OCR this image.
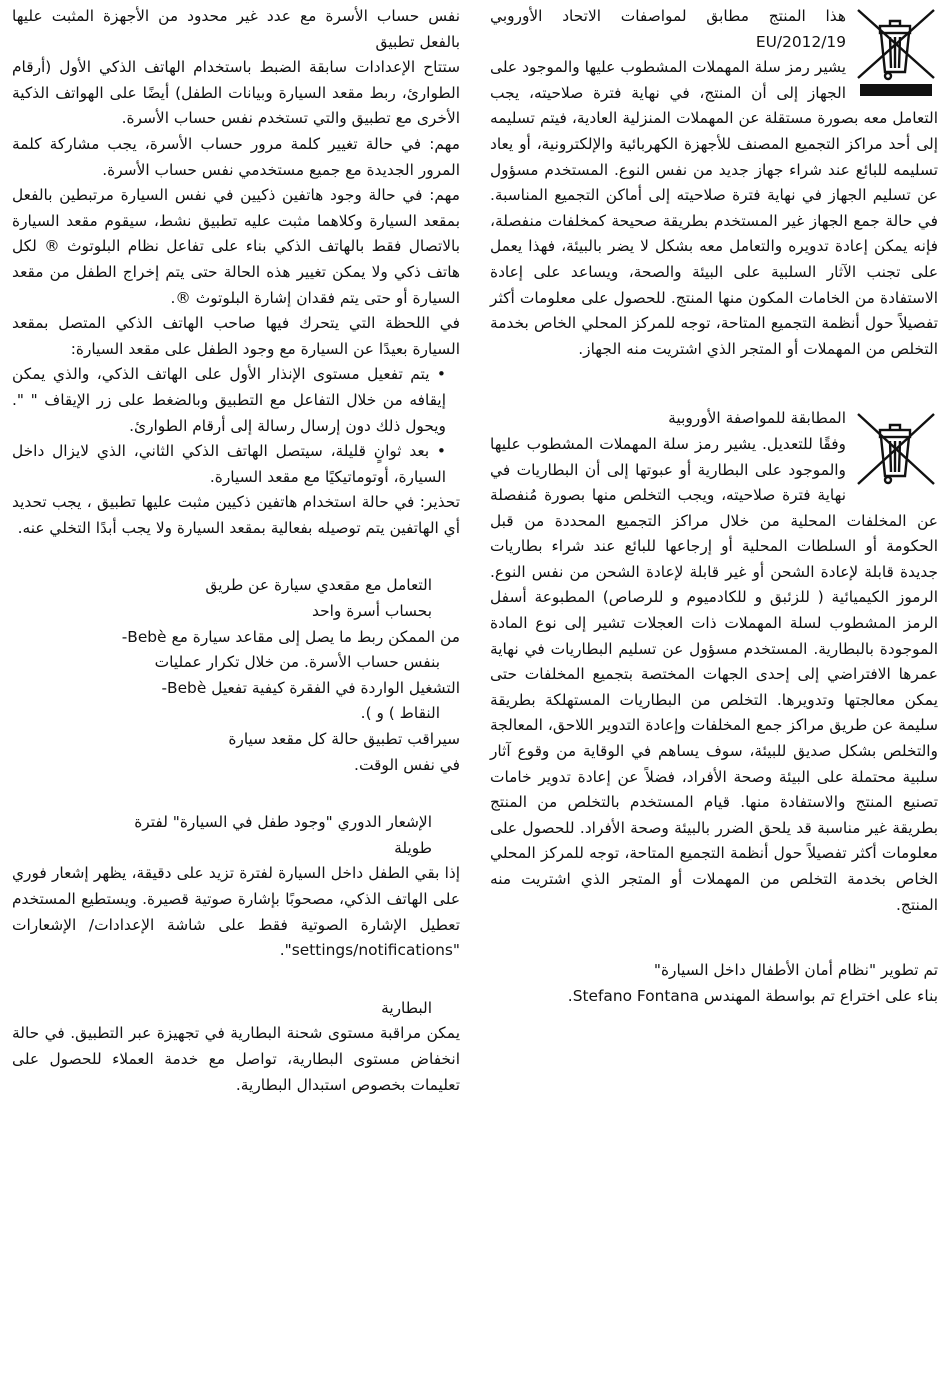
هذا المنتج مطابق لمواصفات الاتحاد الأوروبي 2012/19/EU

يشير رمز سلة المهملات المشطوب عليها والموجود على الجهاز إلى أن المنتج، في نهاية فترة صلاحيته، يجب التعامل معه بصورة مستقلة عن المهملات المنزلية العادية، فيتم تسليمه إلى أحد مراكز التجميع المصنف للأجهزة الكهربائية والإلكترونية، أو يعاد تسليمه للبائع عند شراء جهاز جديد من نفس النوع. المستخدم مسؤول عن تسليم الجهاز في نهاية فترة صلاحيته إلى أماكن التجميع المناسبة. في حالة جمع الجهاز غير المستخدم بطريقة صحيحة كمخلفات منفصلة، فإنه يمكن إعادة تدويره والتعامل معه بشكل لا يضر بالبيئة، فهذا يعمل على تجنب الآثار السلبية على البيئة والصحة، ويساعد على إعادة الاستفادة من الخامات المكون منها المنتج. للحصول على معلومات أكثر تفصيلاً حول أنظمة التجميع المتاحة، توجه للمركز المحلي الخاص بخدمة التخلص من المهملات أو المتجر الذي اشتريت منه الجهاز.

المطابقة للمواصفة الأوروبية

وفقًا للتعديل. يشير رمز سلة المهملات المشطوب عليها والموجود على البطارية أو عبوتها إلى أن البطاريات في نهاية فترة صلاحيته، ويجب التخلص منها بصورة مُنفصلة عن المخلفات المحلية من خلال مراكز التجميع المحددة من قبل الحكومة أو السلطات المحلية أو إرجاعها للبائع عند شراء بطاريات جديدة قابلة لإعادة الشحن أو غير قابلة لإعادة الشحن من نفس النوع. الرموز الكيميائية ( للزئبق و للكادميوم و للرصاص) المطبوعة أسفل الرمز المشطوب لسلة المهملات ذات العجلات تشير إلى نوع المادة الموجودة بالبطارية. المستخدم مسؤول عن تسليم البطاريات في نهاية عمرها الافتراضي إلى إحدى الجهات المختصة بتجميع المخلفات حتى يمكن معالجتها وتدويرها. التخلص من البطاريات المستهلكة بطريقة سليمة عن طريق مراكز جمع المخلفات وإعادة التدوير اللاحق، المعالجة والتخلص بشكل صديق للبيئة، سوف يساهم في الوقاية من وقوع آثار سلبية محتملة على البيئة وصحة الأفراد، فضلاً عن إعادة تدوير خامات تصنيع المنتج والاستفادة منها. قيام المستخدم بالتخلص من المنتج بطريقة غير مناسبة قد يلحق الضرر بالبيئة وصحة الأفراد. للحصول على معلومات أكثر تفصيلاً حول أنظمة التجميع المتاحة، توجه للمركز المحلي الخاص بخدمة التخلص من المهملات أو المتجر الذي اشتريت منه المنتج.

تم تطوير "نظام أمان الأطفال داخل السيارة"

بناء على اختراع تم بواسطة المهندس Stefano Fontana.

نفس حساب الأسرة مع عدد غير محدود من الأجهزة المثبت عليها بالفعل تطبيق

ستتاح الإعدادات سابقة الضبط باستخدام الهاتف الذكي الأول (أرقام الطوارئ، ربط مقعد السيارة وبيانات الطفل) أيضًا على الهواتف الذكية الأخرى مع تطبيق والتي تستخدم نفس حساب الأسرة.

مهم: في حالة تغيير كلمة مرور حساب الأسرة، يجب مشاركة كلمة المرور الجديدة مع جميع مستخدمي نفس حساب الأسرة.

مهم: في حالة وجود هاتفين ذكيين في نفس السيارة مرتبطين بالفعل بمقعد السيارة وكلاهما مثبت عليه تطبيق نشط، سيقوم مقعد السيارة بالاتصال فقط بالهاتف الذكي بناء على تفاعل نظام البلوتوث ® لكل هاتف ذكي ولا يمكن تغيير هذه الحالة حتى يتم إخراج الطفل من مقعد السيارة أو حتى يتم فقدان إشارة البلوتوث ®.

في اللحظة التي يتحرك فيها صاحب الهاتف الذكي المتصل بمقعد السيارة بعيدًا عن السيارة مع وجود الطفل على مقعد السيارة:

• يتم تفعيل مستوى الإنذار الأول على الهاتف الذكي، والذي يمكن إيقافه من خلال التفاعل مع التطبيق وبالضغط على زر الإيقاف " ". ويحول ذلك دون إرسال رسالة إلى أرقام الطوارئ.

• بعد ثوانٍ قليلة، سيتصل الهاتف الذكي الثاني، الذي لايزال داخل السيارة، أوتوماتيكيًا مع مقعد السيارة.

تحذير: في حالة استخدام هاتفين ذكيين مثبت عليها تطبيق ، يجب تحديد أي الهاتفين يتم توصيله بفعالية بمقعد السيارة ولا يجب أبدًا التخلي عنه.

التعامل مع مقعدي سيارة عن طريق

بحساب أسرة واحد

من الممكن ربط ما يصل إلى مقاعد سيارة مع Bebè-

بنفس حساب الأسرة. من خلال تكرار عمليات

التشغيل الواردة في الفقرة كيفية تفعيل Bebè-

النقاط ) و ).

سيراقب تطبيق حالة كل مقعد سيارة

في نفس الوقت.

الإشعار الدوري "وجود طفل في السيارة" لفترة

طويلة

إذا بقي الطفل داخل السيارة لفترة تزيد على دقيقة، يظهر إشعار فوري على الهاتف الذكي، مصحوبًا بإشارة صوتية قصيرة. ويستطيع المستخدم تعطيل الإشارة الصوتية فقط على شاشة الإعدادات/ الإشعارات "settings/notifications".

البطارية

يمكن مراقبة مستوى شحنة البطارية في تجهيزة عبر التطبيق. في حالة انخفاض مستوى البطارية، تواصل مع خدمة العملاء للحصول على تعليمات بخصوص استبدال البطارية.
